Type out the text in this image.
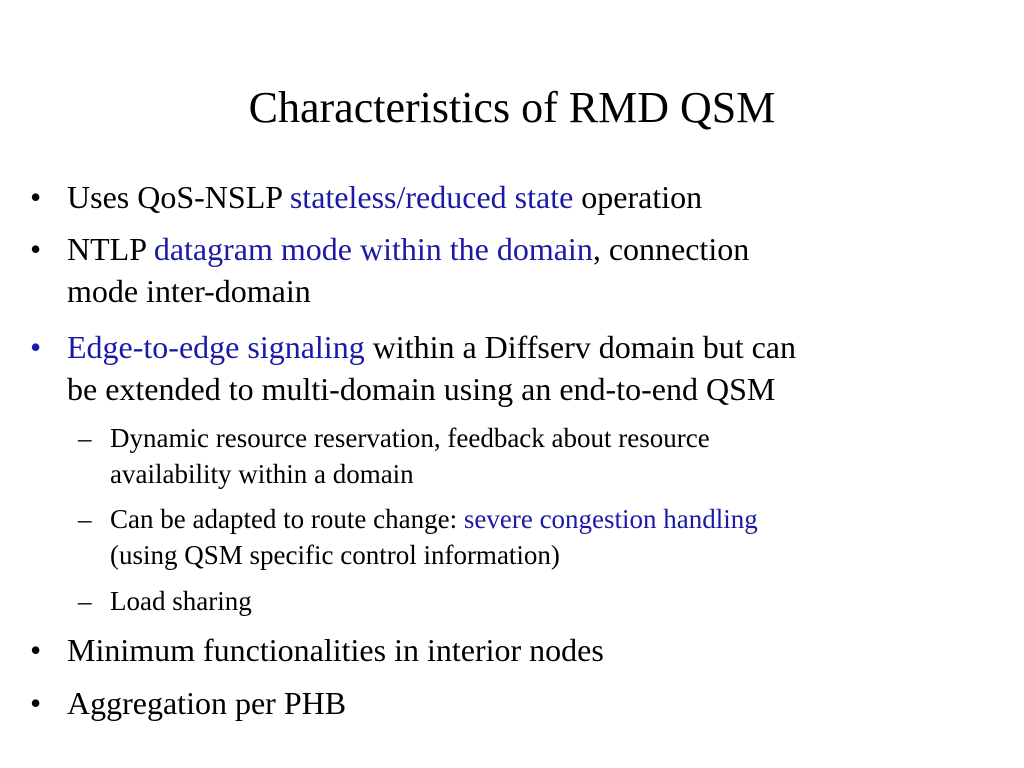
Characteristics of RMD QSM
• Uses QoS-NSLP stateless/reduced state operation
• NTLP datagram mode within the domain, connection
mode inter-domain
• Edge-to-edge signaling within a Diffserv domain but can
be extended to multi-domain using an end-to-end QSM
– Dynamic resource reservation, feedback about resource
availability within a domain
– Can be adapted to route change: severe congestion handling
(using QSM specific control information)
– Load sharing
• Minimum functionalities in interior nodes
• Aggregation per PHB
